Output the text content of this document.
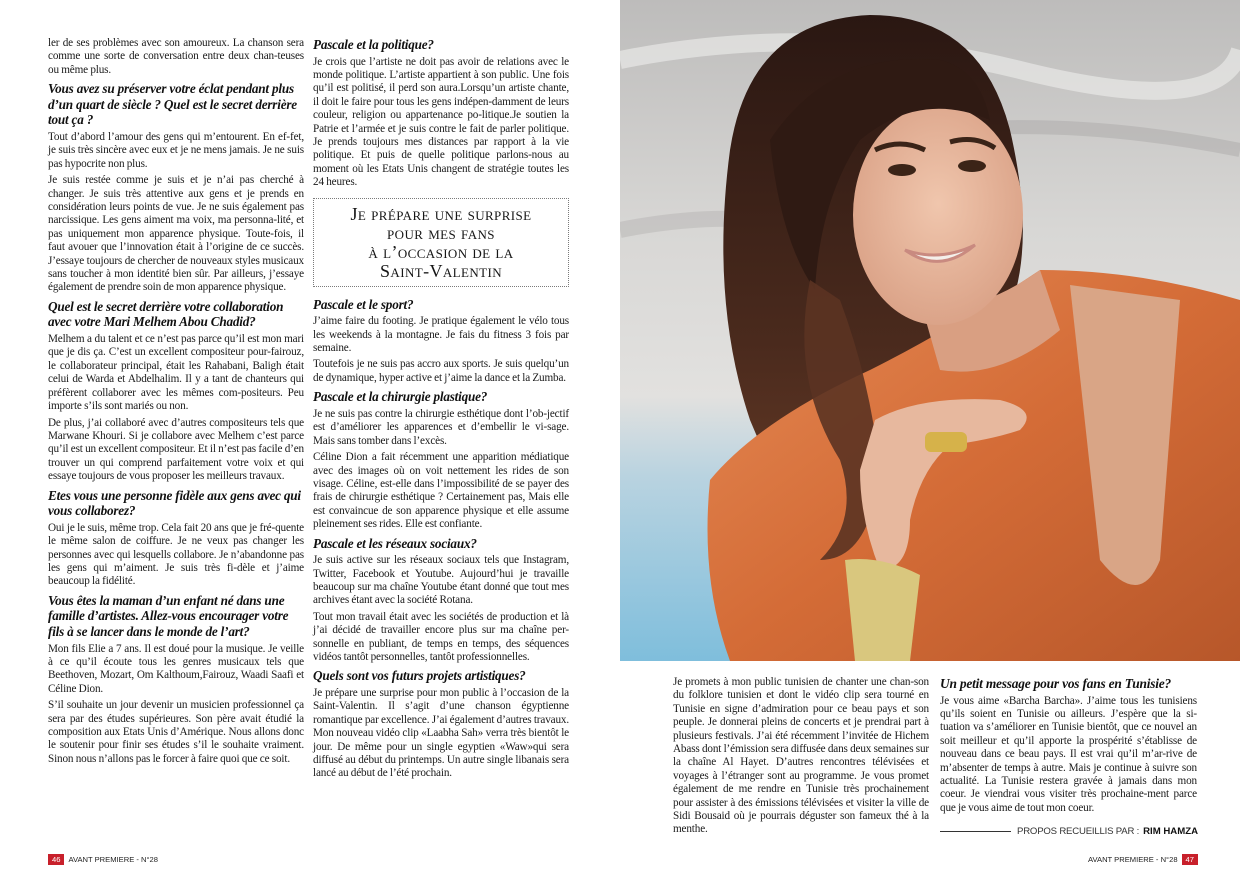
ler de ses problèmes avec son amoureux. La chanson sera comme une sorte de conversation entre deux chan-teuses ou même plus.

Vous avez su préserver votre éclat pendant plus d’un quart de siècle ? Quel est le secret derrière tout ça ?

Tout d’abord l’amour des gens qui m’entourent. En ef-fet, je suis très sincère avec eux et je ne mens jamais. Je ne suis pas hypocrite non plus.

Je suis restée comme je suis et je n’ai pas cherché à changer. Je suis très attentive aux gens et je prends en considération leurs points de vue. Je ne suis également pas narcissique. Les gens aiment ma voix, ma personna-lité, et pas uniquement mon apparence physique. Toute-fois, il faut avouer que l’innovation était à l’origine de ce succès. J’essaye toujours de chercher de nouveaux styles musicaux sans toucher à mon identité bien sûr. Par ailleurs, j’essaye également de prendre soin de mon apparence physique.

Quel est le secret derrière votre collaboration avec votre Mari Melhem Abou Chadid?

Melhem a du talent et ce n’est pas parce qu’il est mon mari que je dis ça. C’est un excellent compositeur pour-fairouz, le collaborateur principal, était les Rahabani, Baligh était celui de Warda et Abdelhalim. Il y a tant de chanteurs qui préfèrent collaborer avec les mêmes com-positeurs. Peu importe s’ils sont mariés ou non.

De plus, j’ai collaboré avec d’autres compositeurs tels que Marwane Khouri. Si je collabore avec Melhem c’est parce qu’il est un excellent compositeur. Et il n’est pas facile d’en trouver un qui comprend parfaitement votre voix et qui essaye toujours de vous proposer les meilleurs travaux.

Etes vous une personne fidèle aux gens avec qui vous collaborez?

Oui je le suis, même trop. Cela fait 20 ans que je fré-quente le même salon de coiffure. Je ne veux pas changer les personnes avec qui lesquells collabore. Je n’abandonne pas les gens qui m’aiment. Je suis très fi-dèle et j’aime beaucoup la fidélité.

Vous êtes la maman d’un enfant né dans une famille d’artistes. Allez-vous encourager votre fils à se lancer dans le monde de l’art?

Mon fils Elie a 7 ans. Il est doué pour la musique. Je veille à ce qu’il écoute tous les genres musicaux tels que Beethoven, Mozart, Om Kalthoum,Fairouz, Waadi Saafi et Céline Dion.

S’il souhaite un jour devenir un musicien professionnel ça sera par des études supérieures. Son père avait étudié la composition aux Etats Unis d’Amérique. Nous allons donc le soutenir pour finir ses études s’il le souhaite vraiment. Sinon nous n’allons pas le forcer à faire quoi que ce soit.

Pascale et la politique?

Je crois que l’artiste ne doit pas avoir de relations avec le monde politique. L’artiste appartient à son public. Une fois qu’il est politisé, il perd son aura.Lorsqu’un artiste chante, il doit le faire pour tous les gens indépen-damment de leurs couleur, religion ou appartenance po-litique.Je soutien la Patrie et l’armée et je suis contre le fait de parler politique. Je prends toujours mes distances par rapport à la vie politique. Et puis de quelle politique parlons-nous au moment où les Etats Unis changent de stratégie toutes les 24 heures.

Je prépare une surprise
pour mes fans
à l’occasion de la
Saint-Valentin
Pascale et le sport?

J’aime faire du footing. Je pratique également le vélo tous les weekends à la montagne. Je fais du fitness 3 fois par semaine.

Toutefois je ne suis pas accro aux sports. Je suis quelqu’un de dynamique, hyper active et j’aime la dance et la Zumba.

Pascale et la chirurgie plastique?

Je ne suis pas contre la chirurgie esthétique dont l’ob-jectif est d’améliorer les apparences et d’embellir le vi-sage. Mais sans tomber dans l’excès.

Céline Dion a fait récemment une apparition médiatique avec des images où on voit nettement les rides de son visage. Céline, est-elle dans l’impossibilité de se payer des frais de chirurgie esthétique ? Certainement pas, Mais elle est convaincue de son apparence physique et elle assume pleinement ses rides. Elle est confiante.

Pascale et les réseaux sociaux?

Je suis active sur les réseaux sociaux tels que Instagram, Twitter, Facebook et Youtube. Aujourd’hui je travaille beaucoup sur ma chaîne Youtube étant donné que tout mes archives étant avec la société Rotana.

Tout mon travail était avec les sociétés de production et là j’ai décidé de travailler encore plus sur ma chaîne per-sonnelle en publiant, de temps en temps, des séquences vidéos tantôt personnelles, tantôt professionnelles.

Quels sont vos futurs projets artistiques?

Je prépare une surprise pour mon public à l’occasion de la Saint-Valentin. Il s’agit d’une chanson égyptienne romantique par excellence. J’ai également d’autres travaux. Mon nouveau vidéo clip «Laabha Sah» verra très bientôt le jour. De même pour un single egyptien «Waw»qui sera diffusé au début du printemps. Un autre single libanais sera lancé au début de l’été prochain.

46	AVANT PREMIERE - N°28

Je promets à mon public tunisien de chanter une chan-son du folklore tunisien et dont le vidéo clip sera tourné en Tunisie en signe d’admiration pour ce beau pays et son peuple. Je donnerai pleins de concerts et je prendrai part à plusieurs festivals. J’ai été récemment l’invitée de Hichem Abass dont l’émission sera diffusée dans deux semaines sur la chaîne Al Hayet. D’autres rencontres télévisées et voyages à l’étranger sont au programme. Je vous promet également de me rendre en Tunisie très prochainement pour assister à des émissions télévisées et visiter la ville de Sidi Bousaid où je pourrais déguster son fameux thé à la menthe.

Un petit message pour vos fans en Tunisie?

Je vous aime «Barcha Barcha». J’aime tous les tunisiens qu’ils soient en Tunisie ou ailleurs. J’espère que la si-tuation va s’améliorer en Tunisie bientôt, que ce nouvel an soit meilleur et qu’il apporte la prospérité s’établisse de nouveau dans ce beau pays. Il est vrai qu’il m’ar-rive de m’absenter de temps à autre. Mais je continue à suivre son actualité. La Tunisie restera gravée à jamais dans mon coeur. Je viendrai vous visiter très prochaine-ment parce que je vous aime de tout mon coeur.

PROPOS RECUEILLIS PAR : RIM HAMZA
AVANT PREMIERE - N°28	47
